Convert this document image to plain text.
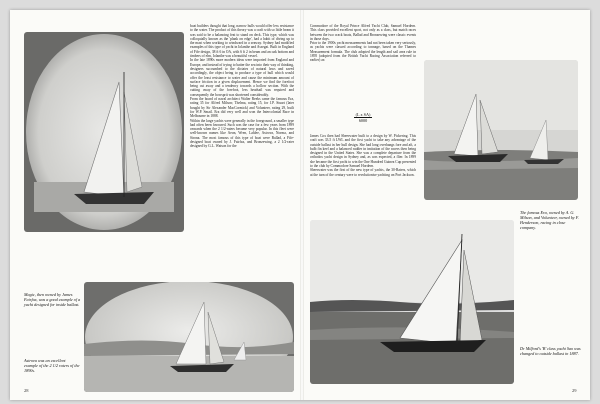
boat builders thought that long, narrow hulls would offer less resistance to the water. The product of this theory was a craft with so little beam it was said to be a balancing feat to stand on deck. This type, which was colloquially known as the 'plank on edge', had a habit of diving up to the mast when working to windward in a seaway. Sydney had modified examples of this type of yacht in Iolanthe and Assegai. Built in England of Fife design, 38 ft 6 in OA, with 6 ft 2 in beam and an oak bottom and timbers of elm, Iolanthe was a beautiful vessel.

In the late 1890s more modern ideas were imported from England and Europe, and instead of trying to batter the sea into their way of thinking, designers succumbed to the dictates of natural laws and saved accordingly, the object being to produce a type of hull which would offer the least resistance to water and cause the minimum amount of surface friction in a given displacement. Hence we find the forefoot being cut away and a tendency towards a hollow section. With the cutting away of the forefoot, less headsail was required and consequently the bowsprit was shortened considerably.

From the board of naval architect Walter Reeks came the famous Era, rating 35 for Alfred Milson; Thelma, rating 15, for J.P. Stuart (later bought by Sir Alexander MacCormick) and Volunteer, rating 29, built for W.P. Smail. Era did very well and won the Intercolonial Race in Melbourne in 1888.

Within the large yachts were generally in the foreground, a smaller type had often been favoured. Such was the case for a few years from 1899 onwards when the 2 1/2-raters became very popular. In this fleet were well-known names like Aeon, Wren, Lahlee, Astrova, Norma, and Sirona. The most famous of this type of boat were Ballad, a Fife-designed boat owned by J. Fairfax, and Bronzewing, a 2 1/2-rater designed by G.L. Watson for the

Magic, then owned by James Fairfax, was a good example of a yacht designed for inside ballast.
Astrova was an excellent example of the 2 1/2 raters of the 1890s.
28

Commodore of the Royal Prince Alfred Yacht Club, Samuel Hordern. This class provided excellent sport, not only as a class, but match races between the two crack boats, Ballad and Bronzewing were classic events in those days.

Prior to the 1900s yacht measurements had not been taken very seriously, as yachts were classed according to tonnage, based on the Thames Measurement formula. The club adopted the length and sail area rule in 1895 (adopted from the British Yacht Racing Association referred to earlier) as:

(L x SA)
6000

James Cox then had Sheerwater built to a design by W. Pickering. This craft was 33.5 ft LWL and the first yacht to take any advantage of the outside ballast in her hull design. She had long overhangs fore and aft, a bulb fin keel and a balanced rudder in imitation of the racers then being designed in the United States. She was a complete departure from the orthodox yacht design in Sydney and, as was expected, a flier. In 1899 she became the first yacht to win the One Hundred Guinea Cup presented to the club by Commodore Samuel Hordern.

Sheerwater was the first of the new type of yachts, the 30-Raters, which at the turn of the century were to revolutionise yachting on Port Jackson.

The famous Era, owned by A. G. Milson, and Volunteer, owned by F. Henderson, racing in close company.
Dr Milford's 'B' class yacht Sao was changed to outside ballast in 1887.
29
